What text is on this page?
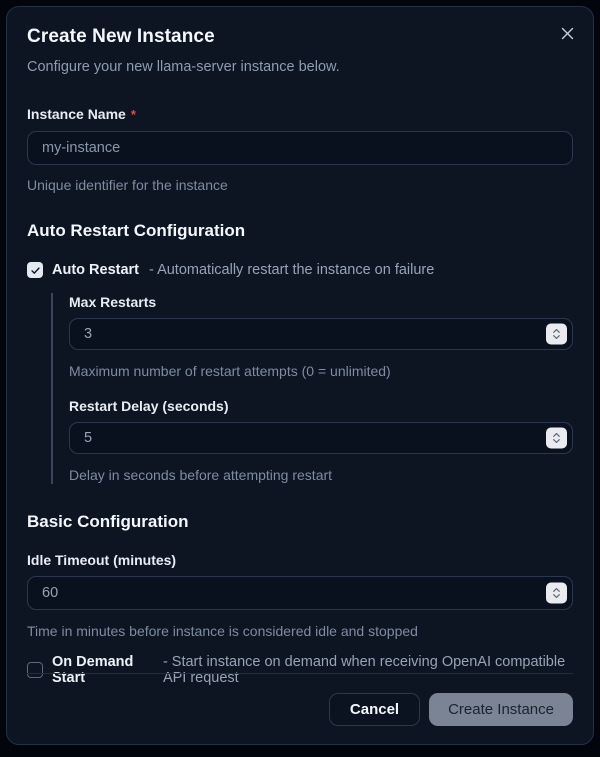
Create New Instance
Configure your new llama-server instance below.
Instance Name *
my-instance
Unique identifier for the instance
Auto Restart Configuration
Auto Restart - Automatically restart the instance on failure
Max Restarts
3
Maximum number of restart attempts (0 = unlimited)
Restart Delay (seconds)
5
Delay in seconds before attempting restart
Basic Configuration
Idle Timeout (minutes)
60
Time in minutes before instance is considered idle and stopped
On Demand Start
- Start instance on demand when receiving OpenAI compatible API request
Cancel	Create Instance
